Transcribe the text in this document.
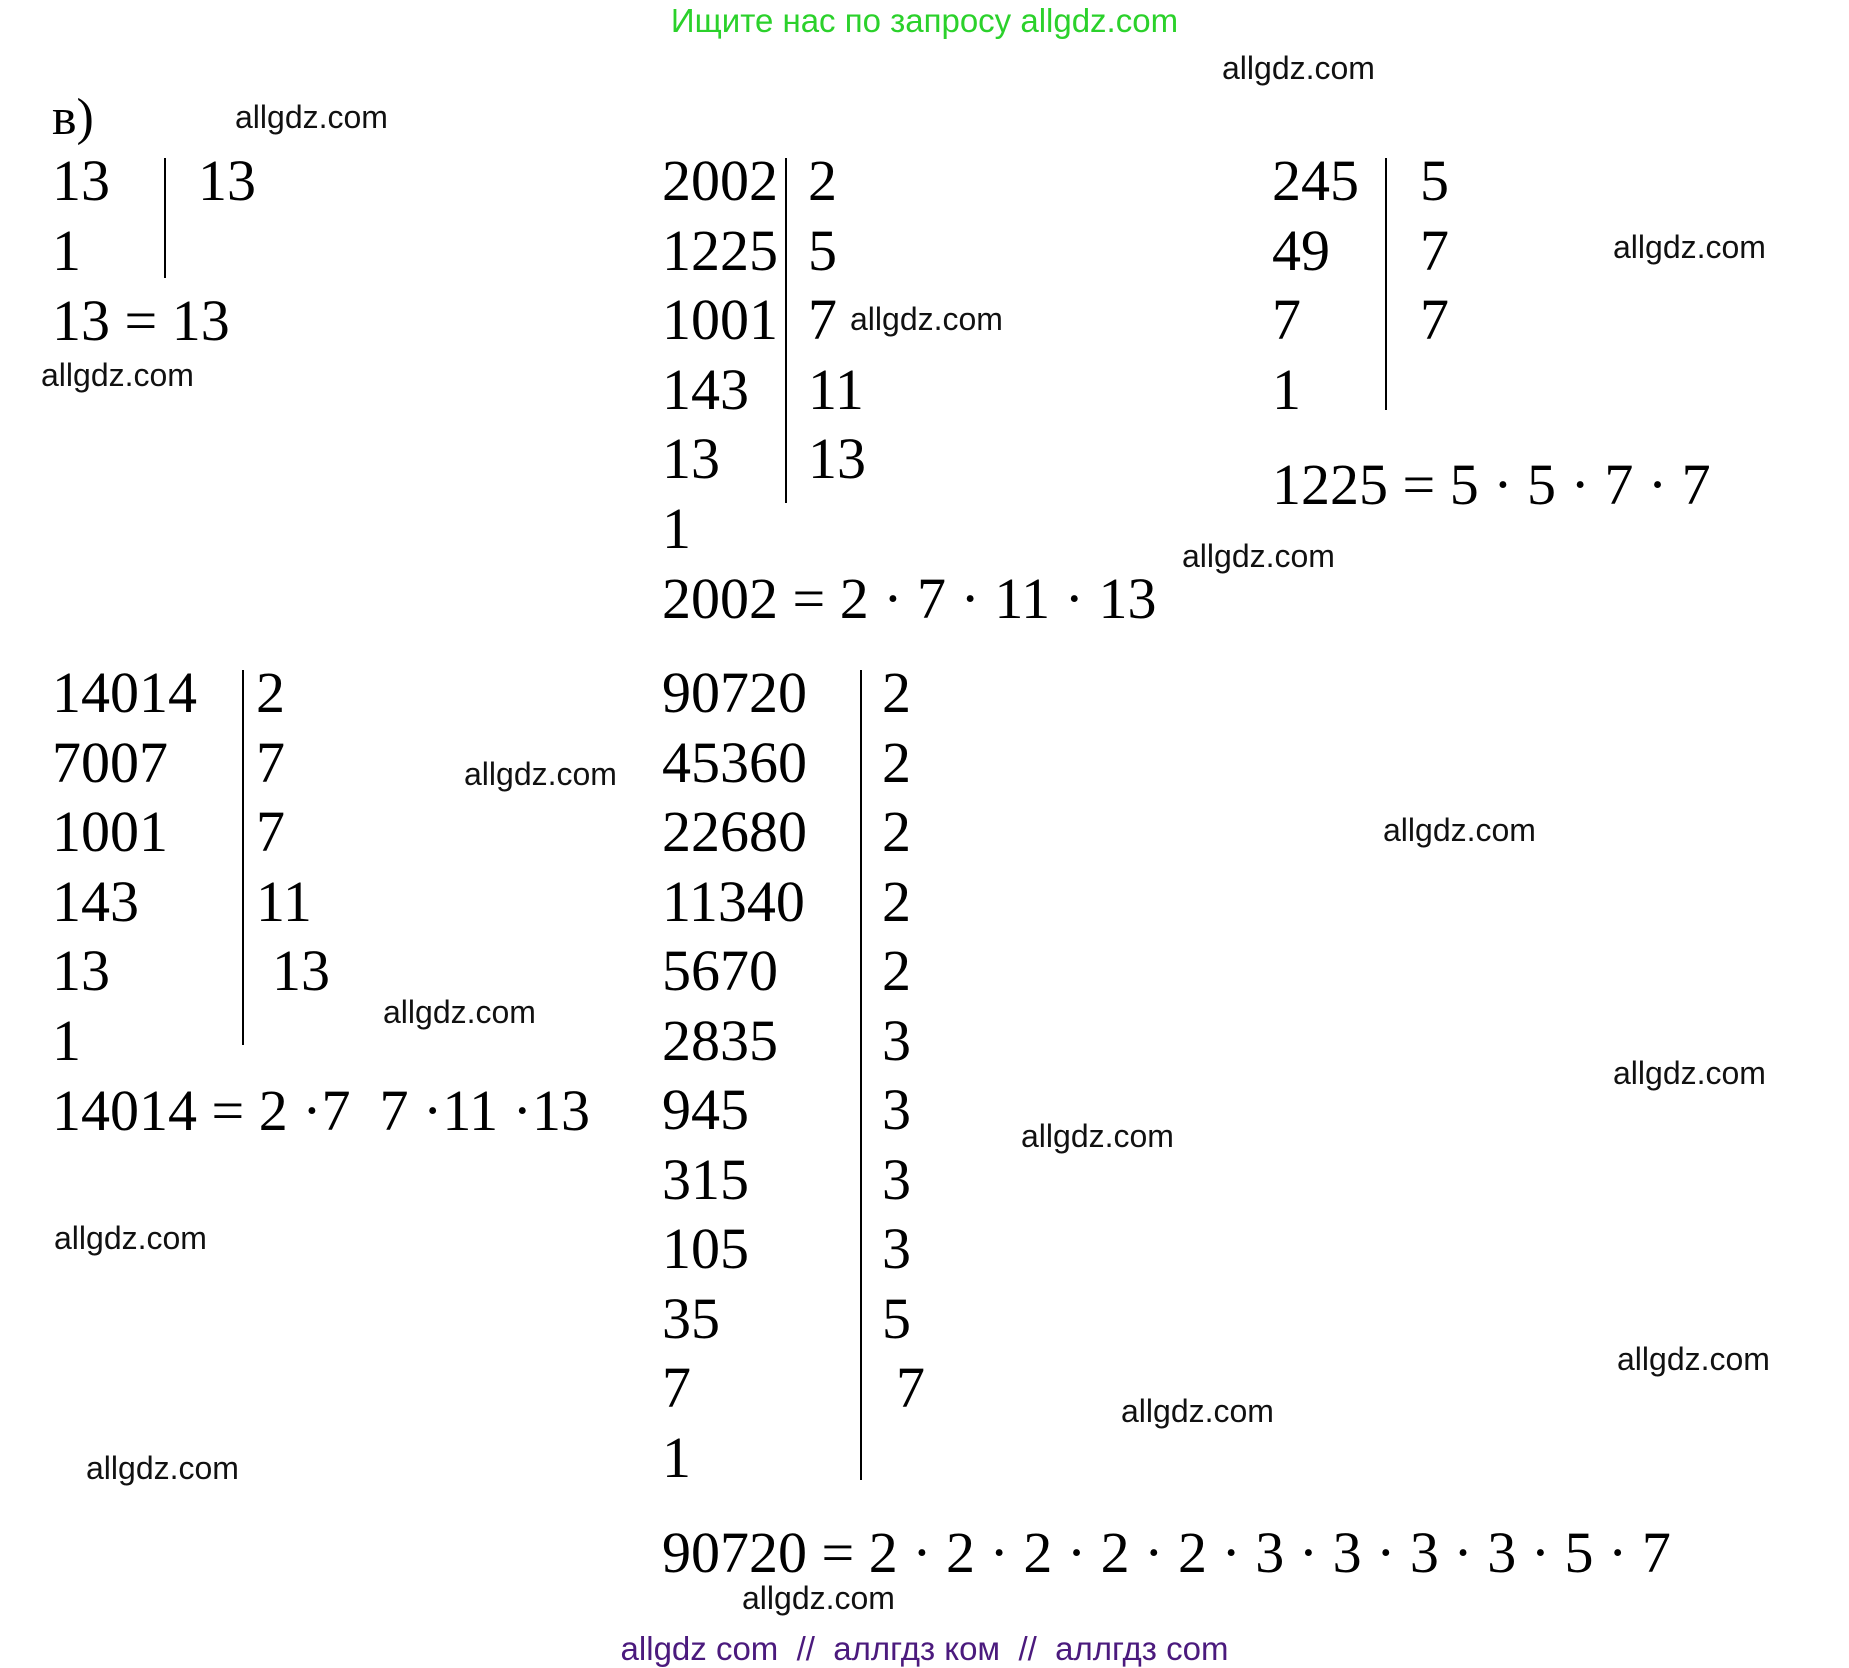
Ищите нас по запросу allgdz.com
в)
13
1
13
13 = 13
2002
1225
1001
143
13
1
2
5
7
11
13
2002 = 2 · 7 · 11 · 13
245
49
7
1
5
7
7
1225 = 5 · 5 · 7 · 7
14014
7007
1001
143
13
1
2
7
7
11
13
14014 = 2 ·7  7 ·11 ·13
90720
45360
22680
11340
5670
2835
945
315
105
35
7
1
2
2
2
2
2
3
3
3
3
5
7
90720 = 2 · 2 · 2 · 2 · 2 · 3 · 3 · 3 · 3 · 5 · 7
allgdz.com
allgdz.com
allgdz.com
allgdz.com
allgdz.com
allgdz.com
allgdz.com
allgdz.com
allgdz.com
allgdz.com
allgdz.com
allgdz.com
allgdz.com
allgdz.com
allgdz.com
allgdz.com
allgdz com  //  аллгдз ком  //  аллгдз com
